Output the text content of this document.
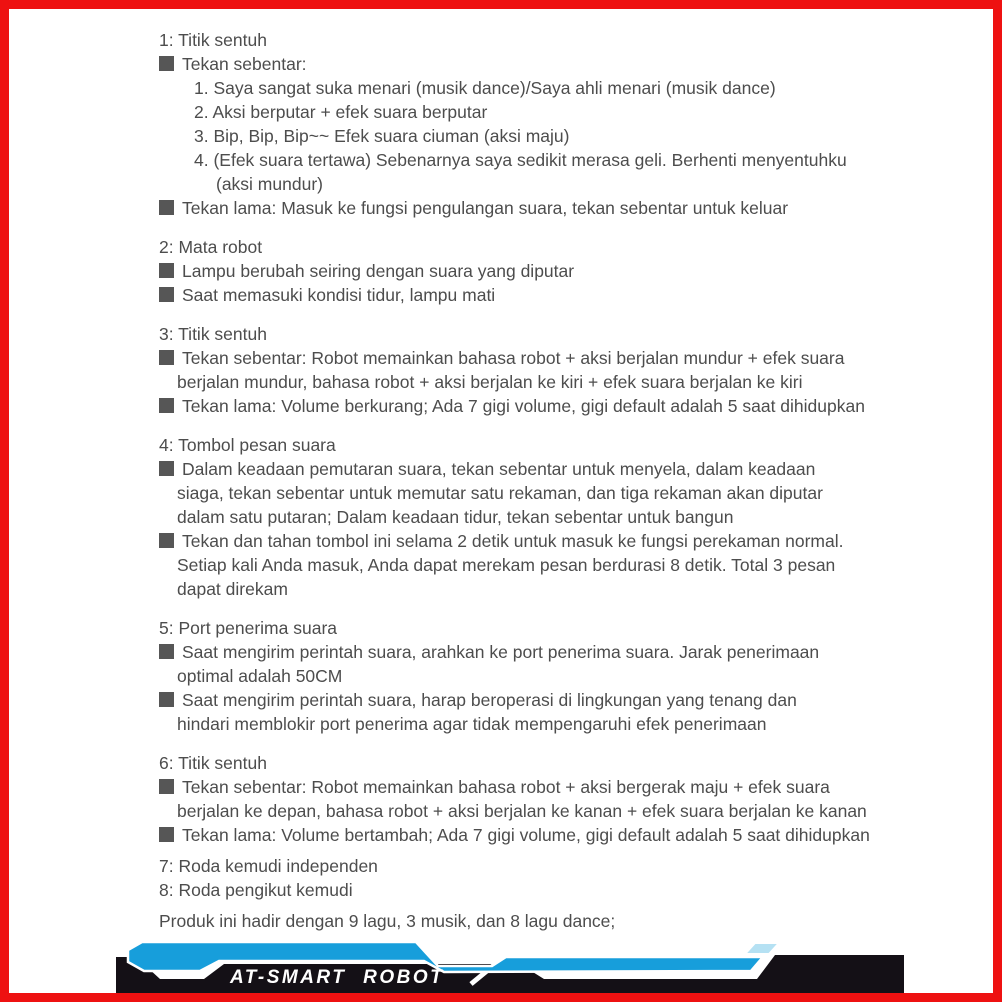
1: Titik sentuh
Tekan sebentar:
1. Saya sangat suka menari (musik dance)/Saya ahli menari (musik dance)
2. Aksi berputar + efek suara berputar
3. Bip, Bip, Bip~~ Efek suara ciuman (aksi maju)
4. (Efek suara tertawa) Sebenarnya saya sedikit merasa geli. Berhenti menyentuhku
(aksi mundur)
Tekan lama: Masuk ke fungsi pengulangan suara, tekan sebentar untuk keluar
2: Mata robot
Lampu berubah seiring dengan suara yang diputar
Saat memasuki kondisi tidur, lampu mati
3: Titik sentuh
Tekan sebentar: Robot memainkan bahasa robot + aksi berjalan mundur + efek suara
berjalan mundur, bahasa robot + aksi berjalan ke kiri + efek suara berjalan ke kiri
Tekan lama: Volume berkurang; Ada 7 gigi volume, gigi default adalah 5 saat dihidupkan
4: Tombol pesan suara
Dalam keadaan pemutaran suara, tekan sebentar untuk menyela, dalam keadaan
siaga, tekan sebentar untuk memutar satu rekaman, dan tiga rekaman akan diputar
dalam satu putaran; Dalam keadaan tidur, tekan sebentar untuk bangun
Tekan dan tahan tombol ini selama 2 detik untuk masuk ke fungsi perekaman normal.
Setiap kali Anda masuk, Anda dapat merekam pesan berdurasi 8 detik. Total 3 pesan
dapat direkam
5: Port penerima suara
Saat mengirim perintah suara, arahkan ke port penerima suara. Jarak penerimaan
optimal adalah 50CM
Saat mengirim perintah suara, harap beroperasi di lingkungan yang tenang dan
hindari memblokir port penerima agar tidak mempengaruhi efek penerimaan
6: Titik sentuh
Tekan sebentar: Robot memainkan bahasa robot + aksi bergerak maju + efek suara
berjalan ke depan, bahasa robot + aksi berjalan ke kanan + efek suara berjalan ke kanan
Tekan lama: Volume bertambah; Ada 7 gigi volume, gigi default adalah 5 saat dihidupkan
7: Roda kemudi independen
8: Roda pengikut kemudi
Produk ini hadir dengan 9 lagu, 3 musik, dan 8 lagu dance;
AT-SMART ROBOT
